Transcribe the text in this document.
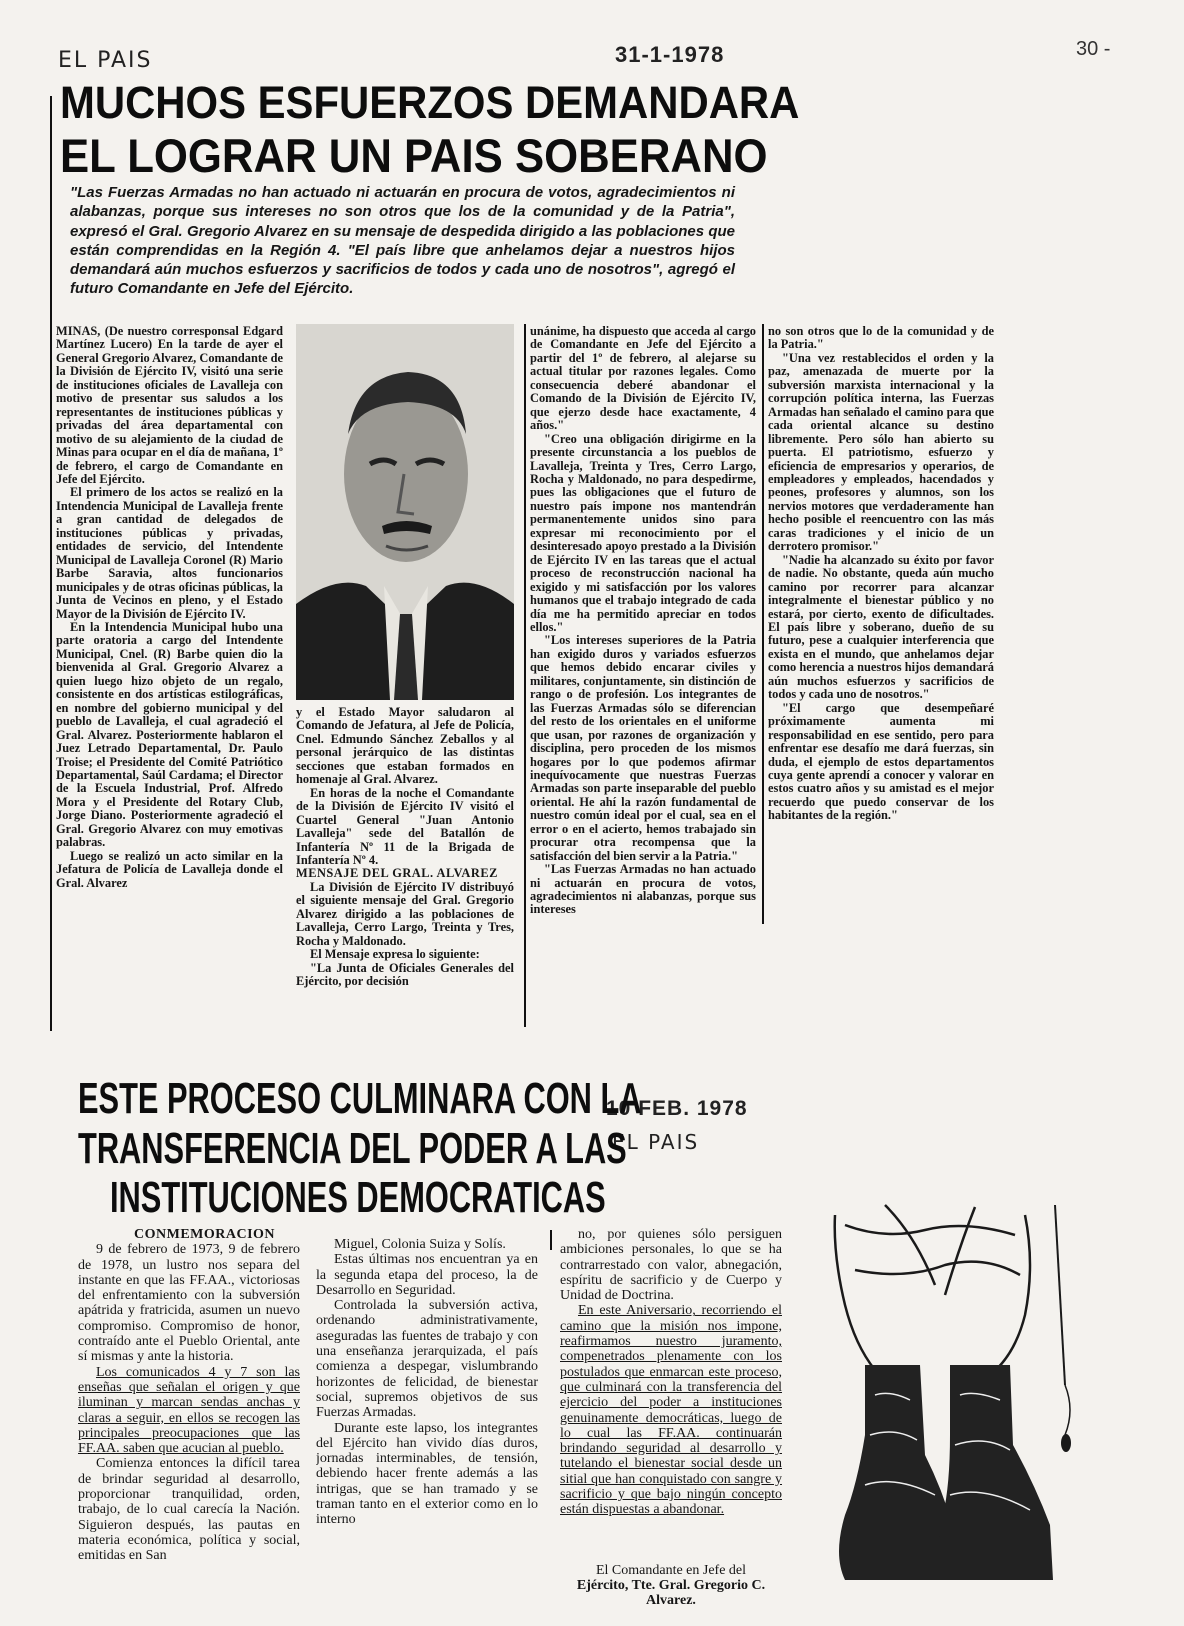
EL PAIS	31-1-1978	30 -
MUCHOS ESFUERZOS DEMANDARA
EL LOGRAR UN PAIS SOBERANO

"Las Fuerzas Armadas no han actuado ni actuarán en procura de votos, agradecimientos ni alabanzas, porque sus intereses no son otros que los de la comunidad y de la Patria", expresó el Gral. Gregorio Alvarez en su mensaje de despedida dirigido a las poblaciones que están comprendidas en la Región 4. "El país libre que anhelamos dejar a nuestros hijos demandará aún muchos esfuerzos y sacrificios de todos y cada uno de nosotros", agregó el futuro Comandante en Jefe del Ejército.

MINAS, (De nuestro corresponsal Edgard Martínez Lucero) En la tarde de ayer el General Gregorio Alvarez, Comandante de la División de Ejército IV, visitó una serie de instituciones oficiales de Lavalleja con motivo de presentar sus saludos a los representantes de instituciones públicas y privadas del área departamental con motivo de su alejamiento de la ciudad de Minas para ocupar en el día de mañana, 1º de febrero, el cargo de Comandante en Jefe del Ejército.

El primero de los actos se realizó en la Intendencia Municipal de Lavalleja frente a gran cantidad de delegados de instituciones públicas y privadas, entidades de servicio, del Intendente Municipal de Lavalleja Coronel (R) Mario Barbe Saravia, altos funcionarios municipales y de otras oficinas públicas, la Junta de Vecinos en pleno, y el Estado Mayor de la División de Ejército IV.

En la Intendencia Municipal hubo una parte oratoria a cargo del Intendente Municipal, Cnel. (R) Barbe quien dio la bienvenida al Gral. Gregorio Alvarez a quien luego hizo objeto de un regalo, consistente en dos artísticas estilográficas, en nombre del gobierno municipal y del pueblo de Lavalleja, el cual agradeció el Gral. Alvarez. Posteriormente hablaron el Juez Letrado Departamental, Dr. Paulo Troise; el Presidente del Comité Patriótico Departamental, Saúl Cardama; el Director de la Escuela Industrial, Prof. Alfredo Mora y el Presidente del Rotary Club, Jorge Diano. Posteriormente agradeció el Gral. Gregorio Alvarez con muy emotivas palabras.

Luego se realizó un acto similar en la Jefatura de Policía de Lavalleja donde el Gral. Alvarez

y el Estado Mayor saludaron al Comando de Jefatura, al Jefe de Policía, Cnel. Edmundo Sánchez Zeballos y al personal jerárquico de las distintas secciones que estaban formados en homenaje al Gral. Alvarez.

En horas de la noche el Comandante de la División de Ejército IV visitó el Cuartel General "Juan Antonio Lavalleja" sede del Batallón de Infantería Nº 11 de la Brigada de Infantería Nº 4.

MENSAJE DEL GRAL. ALVAREZ

La División de Ejército IV distribuyó el siguiente mensaje del Gral. Gregorio Alvarez dirigido a las poblaciones de Lavalleja, Cerro Largo, Treinta y Tres, Rocha y Maldonado.

El Mensaje expresa lo siguiente:

"La Junta de Oficiales Generales del Ejército, por decisión

unánime, ha dispuesto que acceda al cargo de Comandante en Jefe del Ejército a partir del 1º de febrero, al alejarse su actual titular por razones legales. Como consecuencia deberé abandonar el Comando de la División de Ejército IV, que ejerzo desde hace exactamente, 4 años."

"Creo una obligación dirigirme en la presente circunstancia a los pueblos de Lavalleja, Treinta y Tres, Cerro Largo, Rocha y Maldonado, no para despedirme, pues las obligaciones que el futuro de nuestro país impone nos mantendrán permanentemente unidos sino para expresar mi reconocimiento por el desinteresado apoyo prestado a la División de Ejército IV en las tareas que el actual proceso de reconstrucción nacional ha exigido y mi satisfacción por los valores humanos que el trabajo integrado de cada día me ha permitido apreciar en todos ellos."

"Los intereses superiores de la Patria han exigido duros y variados esfuerzos que hemos debido encarar civiles y militares, conjuntamente, sin distinción de rango o de profesión. Los integrantes de las Fuerzas Armadas sólo se diferencian del resto de los orientales en el uniforme que usan, por razones de organización y disciplina, pero proceden de los mismos hogares por lo que podemos afirmar inequívocamente que nuestras Fuerzas Armadas son parte inseparable del pueblo oriental. He ahí la razón fundamental de nuestro común ideal por el cual, sea en el error o en el acierto, hemos trabajado sin procurar otra recompensa que la satisfacción del bien servir a la Patria."

"Las Fuerzas Armadas no han actuado ni actuarán en procura de votos, agradecimientos ni alabanzas, porque sus intereses

no son otros que lo de la comunidad y de la Patria."

"Una vez restablecidos el orden y la paz, amenazada de muerte por la subversión marxista internacional y la corrupción política interna, las Fuerzas Armadas han señalado el camino para que cada oriental alcance su destino libremente. Pero sólo han abierto su puerta. El patriotismo, esfuerzo y eficiencia de empresarios y operarios, de empleadores y empleados, hacendados y peones, profesores y alumnos, son los nervios motores que verdaderamente han hecho posible el reencuentro con las más caras tradiciones y el inicio de un derrotero promisor."

"Nadie ha alcanzado su éxito por favor de nadie. No obstante, queda aún mucho camino por recorrer para alcanzar integralmente el bienestar público y no estará, por cierto, exento de dificultades. El país libre y soberano, dueño de su futuro, pese a cualquier interferencia que exista en el mundo, que anhelamos dejar como herencia a nuestros hijos demandará aún muchos esfuerzos y sacrificios de todos y cada uno de nosotros."

"El cargo que desempeñaré próximamente aumenta mi responsabilidad en ese sentido, pero para enfrentar ese desafío me dará fuerzas, sin duda, el ejemplo de estos departamentos cuya gente aprendí a conocer y valorar en estos cuatro años y su amistad es el mejor recuerdo que puedo conservar de los habitantes de la región."

10 FEB. 1978
EL PAIS
ESTE PROCESO CULMINARA CON LA
TRANSFERENCIA DEL PODER A LAS
INSTITUCIONES DEMOCRATICAS

CONMEMORACION

9 de febrero de 1973, 9 de febrero de 1978, un lustro nos separa del instante en que las FF.AA., victoriosas del enfrentamiento con la subversión apátrida y fratricida, asumen un nuevo compromiso. Compromiso de honor, contraído ante el Pueblo Oriental, ante sí mismas y ante la historia.

Los comunicados 4 y 7 son las enseñas que señalan el origen y que iluminan y marcan sendas anchas y claras a seguir, en ellos se recogen las principales preocupaciones que las FF.AA. saben que acucian al pueblo.

Comienza entonces la difícil tarea de brindar seguridad al desarrollo, proporcionar tranquilidad, orden, trabajo, de lo cual carecía la Nación. Siguieron después, las pautas en materia económica, política y social, emitidas en San

Miguel, Colonia Suiza y Solís.

Estas últimas nos encuentran ya en la segunda etapa del proceso, la de Desarrollo en Seguridad.

Controlada la subversión activa, ordenando administrativamente, aseguradas las fuentes de trabajo y con una enseñanza jerarquizada, el país comienza a despegar, vislumbrando horizontes de felicidad, de bienestar social, supremos objetivos de sus Fuerzas Armadas.

Durante este lapso, los integrantes del Ejército han vivido días duros, jornadas interminables, de tensión, debiendo hacer frente además a las intrigas, que se han tramado y se traman tanto en el exterior como en lo interno

no, por quienes sólo persiguen ambiciones personales, lo que se ha contrarrestado con valor, abnegación, espíritu de sacrificio y de Cuerpo y Unidad de Doctrina.

En este Aniversario, recorriendo el camino que la misión nos impone, reafirmamos nuestro juramento, compenetrados plenamente con los postulados que enmarcan este proceso, que culminará con la transferencia del ejercicio del poder a instituciones genuinamente democráticas, luego de lo cual las FF.AA. continuarán brindando seguridad al desarrollo y tutelando el bienestar social desde un sitial que han conquistado con sangre y sacrificio y que bajo ningún concepto están dispuestas a abandonar.

El Comandante en Jefe del
Ejército, Tte. Gral. Gregorio C. Alvarez.
